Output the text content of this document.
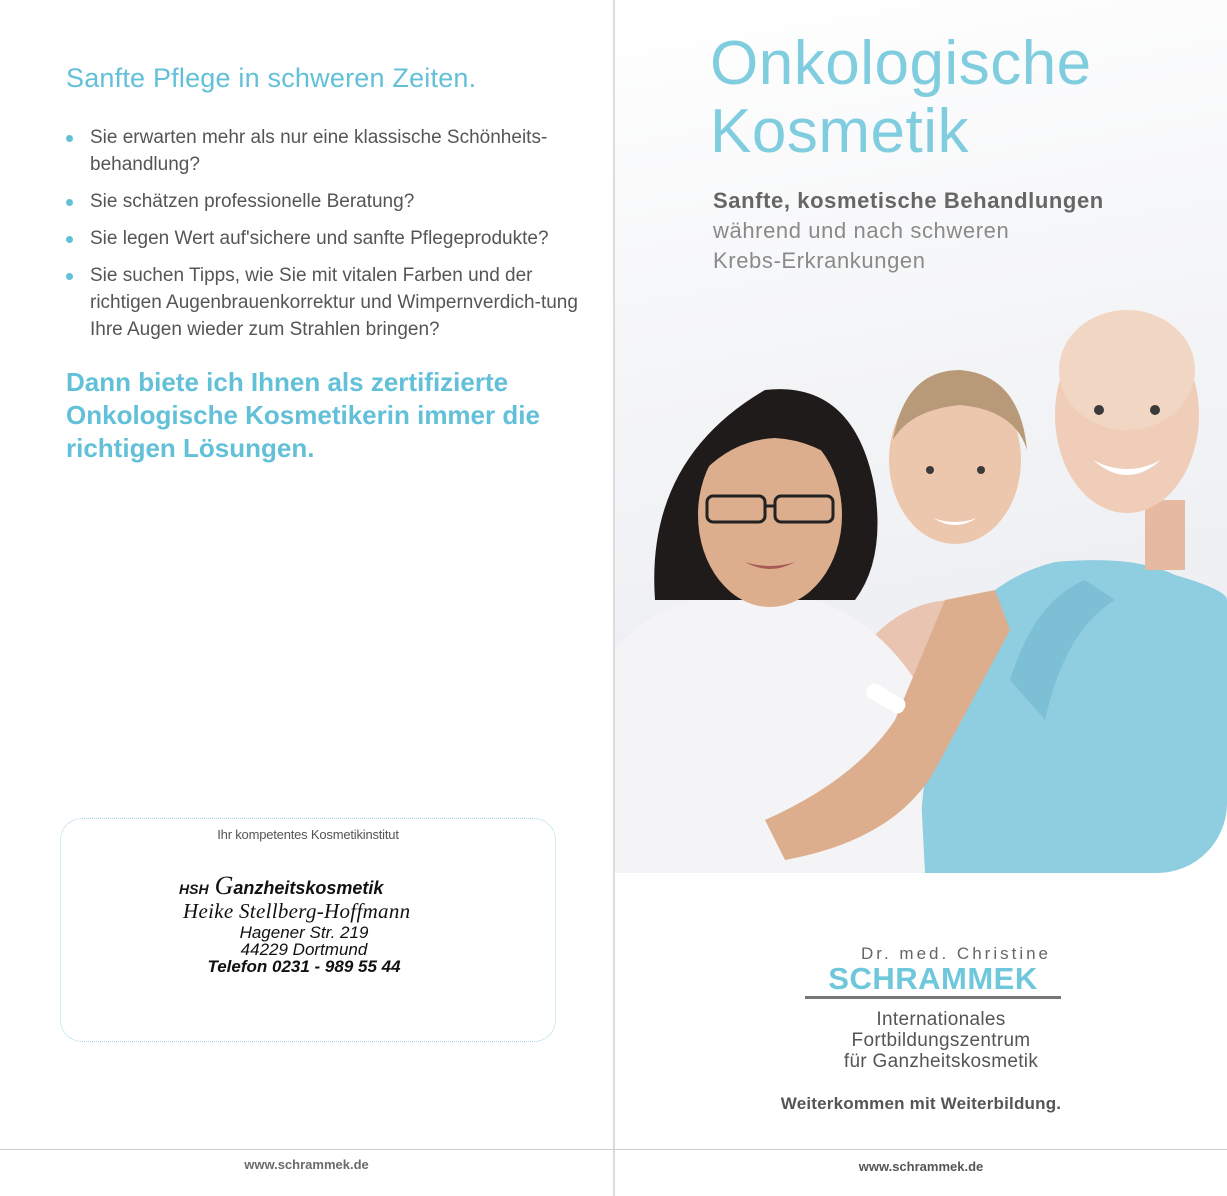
Sanfte Pflege in schweren Zeiten.
Sie erwarten mehr als nur eine klassische Schönheits-behandlung?
Sie schätzen professionelle Beratung?
Sie legen Wert auf'sichere und sanfte Pflegeprodukte?
Sie suchen Tipps, wie Sie mit vitalen Farben und der richtigen Augenbrauenkorrektur und Wimpernverdich-tung Ihre Augen wieder zum Strahlen bringen?

Dann biete ich Ihnen als zertifizierte Onkologische Kosmetikerin immer die richtigen Lösungen.

Ihr kompetentes Kosmetikinstitut
HSH Ganzheitskosmetik
Heike Stellberg-Hoffmann
Hagener Str. 219
44229 Dortmund
Telefon 0231 - 989 55 44
www.schrammek.de
Onkologische
Kosmetik

Sanfte, kosmetische Behandlungen
während und nach schweren
Krebs-Erkrankungen

Dr. med. Christine
SCHRAMMEK
Internationales
Fortbildungszentrum
für Ganzheitskosmetik
Weiterkommen mit Weiterbildung.
www.schrammek.de
